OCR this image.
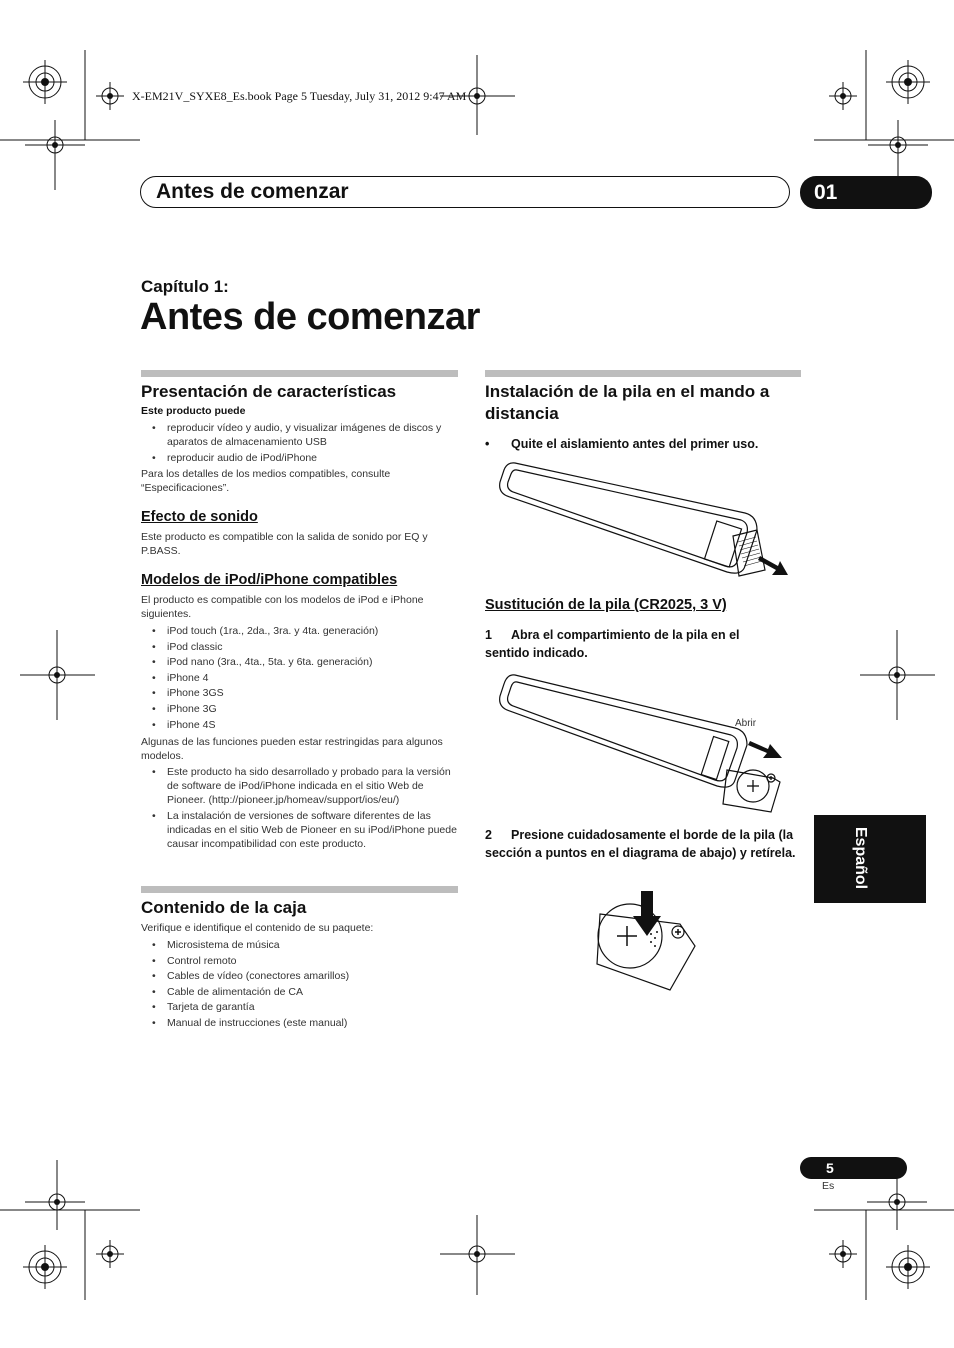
X-EM21V_SYXE8_Es.book Page 5 Tuesday, July 31, 2012 9:47 AM
Antes de comenzar	01
Capítulo 1:
Antes de comenzar
Presentación de características
Este producto puede
• reproducir vídeo y audio, y visualizar imágenes de discos y aparatos de almacenamiento USB
• reproducir audio de iPod/iPhone
Para los detalles de los medios compatibles, consulte “Especificaciones”.
Efecto de sonido
Este producto es compatible con la salida de sonido por EQ y P.BASS.
Modelos de iPod/iPhone compatibles
El producto es compatible con los modelos de iPod e iPhone siguientes.
• iPod touch (1ra., 2da., 3ra. y 4ta. generación)
• iPod classic
• iPod nano (3ra., 4ta., 5ta. y 6ta. generación)
• iPhone 4
• iPhone 3GS
• iPhone 3G
• iPhone 4S
Algunas de las funciones pueden estar restringidas para algunos modelos.
• Este producto ha sido desarrollado y probado para la versión de software de iPod/iPhone indicada en el sitio Web de Pioneer. (http://pioneer.jp/homeav/support/ios/eu/)
• La instalación de versiones de software diferentes de las indicadas en el sitio Web de Pioneer en su iPod/iPhone puede causar incompatibilidad con este producto.
Contenido de la caja
Verifique e identifique el contenido de su paquete:
• Microsistema de música
• Control remoto
• Cables de vídeo (conectores amarillos)
• Cable de alimentación de CA
• Tarjeta de garantía
• Manual de instrucciones (este manual)
Instalación de la pila en el mando a distancia
• Quite el aislamiento antes del primer uso.
Sustitución de la pila (CR2025, 3 V)
1 Abra el compartimiento de la pila en el sentido indicado.
Abrir
2 Presione cuidadosamente el borde de la pila (la sección a puntos en el diagrama de abajo) y retírela.	Español
5
Es
